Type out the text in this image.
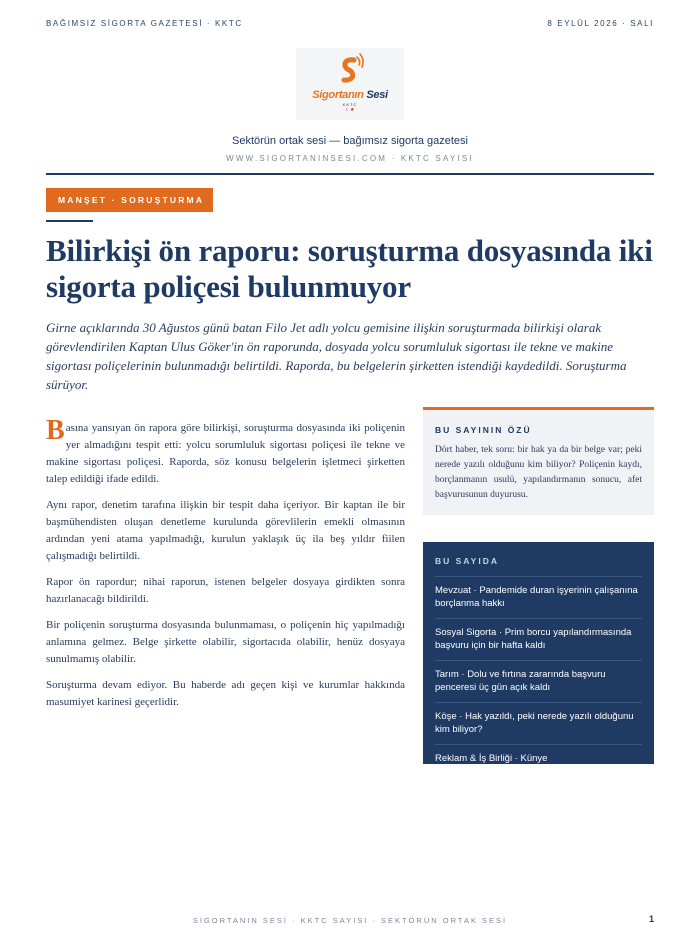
BAĞIMSIZ SİGORTA GAZETESİ · KKTC	8 EYLÜL 2026 · SALI
Sigortanın Sesi
KKTC
☾★
Sektörün ortak sesi — bağımsız sigorta gazetesi
WWW.SIGORTANINSESI.COM · KKTC SAYISI
MANŞET · SORUŞTURMA
Bilirkişi ön raporu: soruşturma dosyasında iki sigorta poliçesi bulunmuyor

Girne açıklarında 30 Ağustos günü batan Filo Jet adlı yolcu gemisine ilişkin soruşturmada bilirkişi olarak görevlendirilen Kaptan Ulus Göker'in ön raporunda, dosyada yolcu sorumluluk sigortası ile tekne ve makine sigortası poliçelerinin bulunmadığı belirtildi. Raporda, bu belgelerin şirketten istendiği kaydedildi. Soruşturma sürüyor.

Basına yansıyan ön rapora göre bilirkişi, soruşturma dosyasında iki poliçenin yer almadığını tespit etti: yolcu sorumluluk sigortası poliçesi ile tekne ve makine sigortası poliçesi. Raporda, söz konusu belgelerin işletmeci şirketten talep edildiği ifade edildi.

Aynı rapor, denetim tarafına ilişkin bir tespit daha içeriyor. Bir kaptan ile bir başmühendisten oluşan denetleme kurulunda görevlilerin emekli olmasının ardından yeni atama yapılmadığı, kurulun yaklaşık üç ila beş yıldır fiilen çalışmadığı belirtildi.

Rapor ön rapordur; nihai raporun, istenen belgeler dosyaya girdikten sonra hazırlanacağı bildirildi.

Bir poliçenin soruşturma dosyasında bulunmaması, o poliçenin hiç yapılmadığı anlamına gelmez. Belge şirkette olabilir, sigortacıda olabilir, henüz dosyaya sunulmamış olabilir.

Soruşturma devam ediyor. Bu haberde adı geçen kişi ve kurumlar hakkında masumiyet karinesi geçerlidir.

BU SAYININ ÖZÜ
Dört haber, tek soru: bir hak ya da bir belge var; peki nerede yazılı olduğunu kim biliyor? Poliçenin kaydı, borçlanmanın usulü, yapılandırmanın sonucu, afet başvurusunun duyurusu.
BU SAYIDA
Mevzuat · Pandemide duran işyerinin çalışanına borçlanma hakkı
Sosyal Sigorta · Prim borcu yapılandırmasında başvuru için bir hafta kaldı
Tarım · Dolu ve fırtına zararında başvuru penceresi üç gün açık kaldı
Köşe · Hak yazıldı, peki nerede yazılı olduğunu kim biliyor?
Reklam & İş Birliği · Künye
SİGORTANIN SESİ · KKTC SAYISI · SEKTÖRÜN ORTAK SESİ	1
